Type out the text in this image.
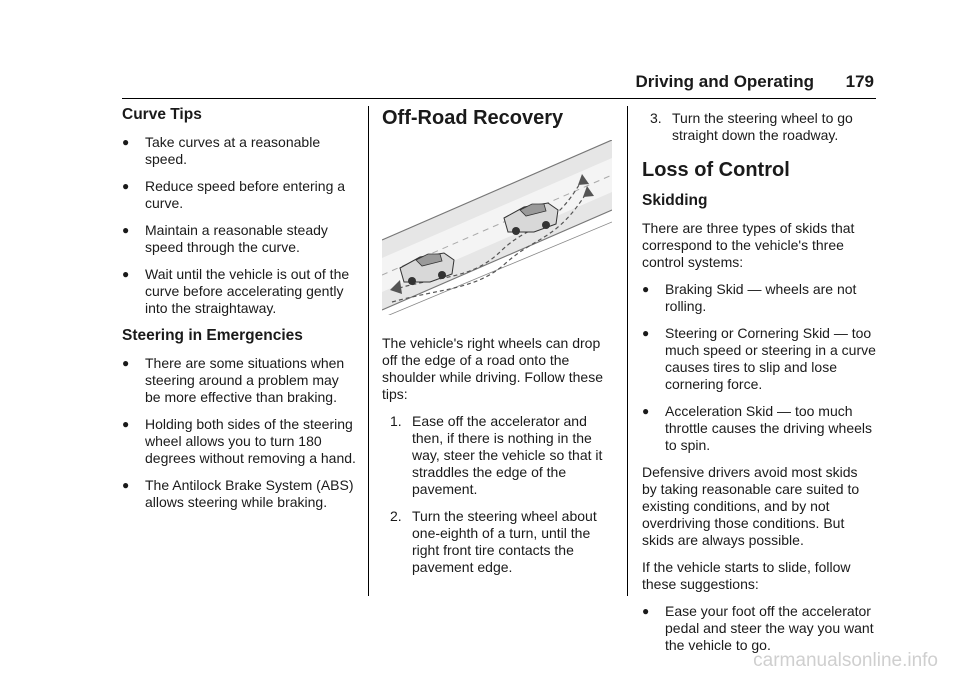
Driving and Operating 179
Curve Tips
● Take curves at a reasonable speed.
● Reduce speed before entering a curve.
● Maintain a reasonable steady speed through the curve.
● Wait until the vehicle is out of the curve before accelerating gently into the straightaway.
Steering in Emergencies
● There are some situations when steering around a problem may be more effective than braking.
● Holding both sides of the steering wheel allows you to turn 180 degrees without removing a hand.
● The Antilock Brake System (ABS) allows steering while braking.
Off-Road Recovery

The vehicle's right wheels can drop off the edge of a road onto the shoulder while driving. Follow these tips:

1. Ease off the accelerator and then, if there is nothing in the way, steer the vehicle so that it straddles the edge of the pavement.
2. Turn the steering wheel about one-eighth of a turn, until the right front tire contacts the pavement edge.
3. Turn the steering wheel to go straight down the roadway.
Loss of Control
Skidding

There are three types of skids that correspond to the vehicle's three control systems:

● Braking Skid — wheels are not rolling.
● Steering or Cornering Skid — too much speed or steering in a curve causes tires to slip and lose cornering force.
● Acceleration Skid — too much throttle causes the driving wheels to spin.

Defensive drivers avoid most skids by taking reasonable care suited to existing conditions, and by not overdriving those conditions. But skids are always possible.

If the vehicle starts to slide, follow these suggestions:

● Ease your foot off the accelerator pedal and steer the way you want the vehicle to go.
carmanualsonline.info
